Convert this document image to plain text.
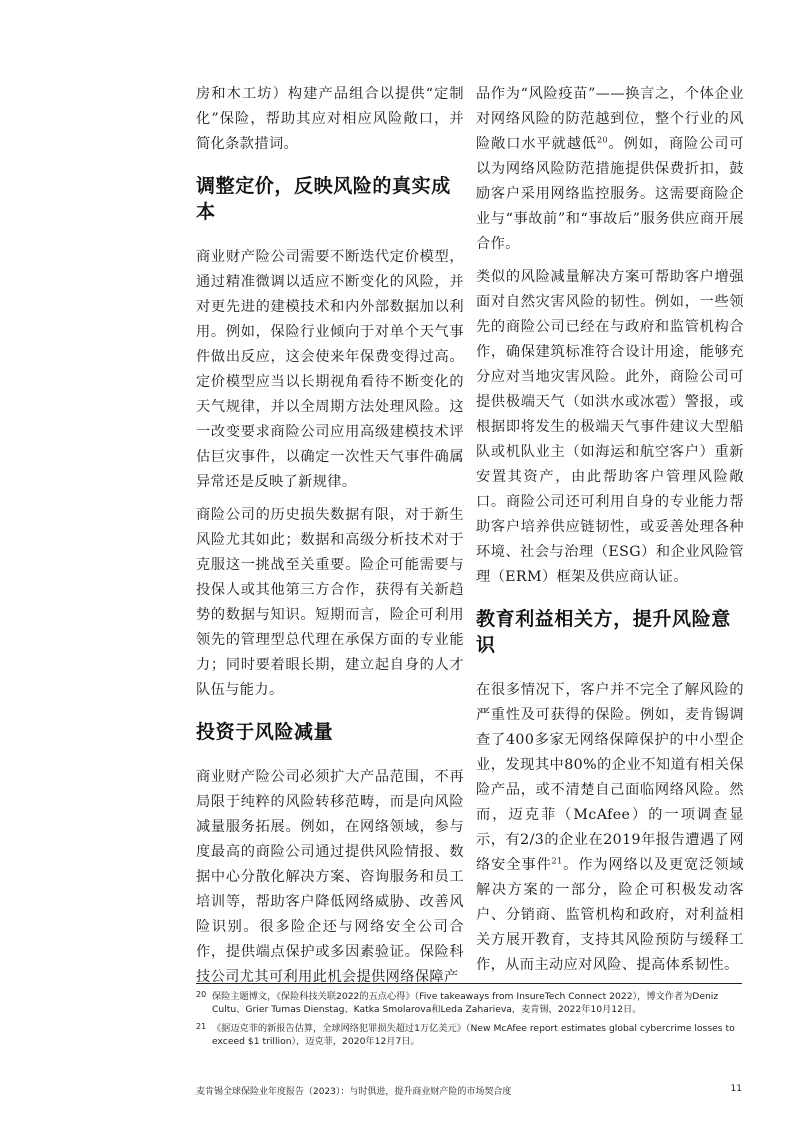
房和木工坊）构建产品组合以提供“定制化”保险，帮助其应对相应风险敞口，并简化条款措词。

调整定价，反映风险的真实成本

商业财产险公司需要不断迭代定价模型，通过精准微调以适应不断变化的风险，并对更先进的建模技术和内外部数据加以利用。例如，保险行业倾向于对单个天气事件做出反应，这会使来年保费变得过高。定价模型应当以长期视角看待不断变化的天气规律，并以全周期方法处理风险。这一改变要求商险公司应用高级建模技术评估巨灾事件，以确定一次性天气事件确属异常还是反映了新规律。

商险公司的历史损失数据有限，对于新生风险尤其如此；数据和高级分析技术对于克服这一挑战至关重要。险企可能需要与投保人或其他第三方合作，获得有关新趋势的数据与知识。短期而言，险企可利用领先的管理型总代理在承保方面的专业能力；同时要着眼长期，建立起自身的人才队伍与能力。

投资于风险减量

商业财产险公司必须扩大产品范围，不再局限于纯粹的风险转移范畴，而是向风险减量服务拓展。例如，在网络领域，参与度最高的商险公司通过提供风险情报、数据中心分散化解决方案、咨询服务和员工培训等，帮助客户降低网络威胁、改善风险识别。很多险企还与网络安全公司合作，提供端点保护或多因素验证。保险科技公司尤其可利用此机会提供网络保障产

品作为“风险疫苗”——换言之，个体企业对网络风险的防范越到位，整个行业的风险敞口水平就越低$^{20}$。例如，商险公司可以为网络风险防范措施提供保费折扣，鼓励客户采用网络监控服务。这需要商险企业与“事故前”和“事故后”服务供应商开展合作。

类似的风险减量解决方案可帮助客户增强面对自然灾害风险的韧性。例如，一些领先的商险公司已经在与政府和监管机构合作，确保建筑标准符合设计用途，能够充分应对当地灾害风险。此外，商险公司可提供极端天气（如洪水或冰雹）警报，或根据即将发生的极端天气事件建议大型船队或机队业主（如海运和航空客户）重新安置其资产，由此帮助客户管理风险敞口。商险公司还可利用自身的专业能力帮助客户培养供应链韧性，或妥善处理各种环境、社会与治理（ESG）和企业风险管理（ERM）框架及供应商认证。

教育利益相关方，提升风险意识

在很多情况下，客户并不完全了解风险的严重性及可获得的保险。例如，麦肯锡调查了400多家无网络保障保护的中小型企业，发现其中80%的企业不知道有相关保险产品，或不清楚自己面临网络风险。然而，迈克菲（McAfee）的一项调查显示，有2/3的企业在2019年报告遭遇了网络安全事件$^{21}$。作为网络以及更宽泛领域解决方案的一部分，险企可积极发动客户、分销商、监管机构和政府，对利益相关方展开教育，支持其风险预防与缓释工作，从而主动应对风险、提高体系韧性。

20 保险主题博文，《保险科技关联2022的五点心得》（Five takeaways from InsureTech Connect 2022），博文作者为Deniz Cultu、Grier Tumas Dienstag、Katka Smolarova和Leda Zaharieva，麦肯锡，2022年10月12日。
21 《据迈克菲的新报告估算，全球网络犯罪损失超过1万亿美元》（New McAfee report estimates global cybercrime losses to exceed $1 trillion），迈克菲，2020年12月7日。
麦肯锡全球保险业年度报告（2023）：与时俱进，提升商业财产险的市场契合度	11
